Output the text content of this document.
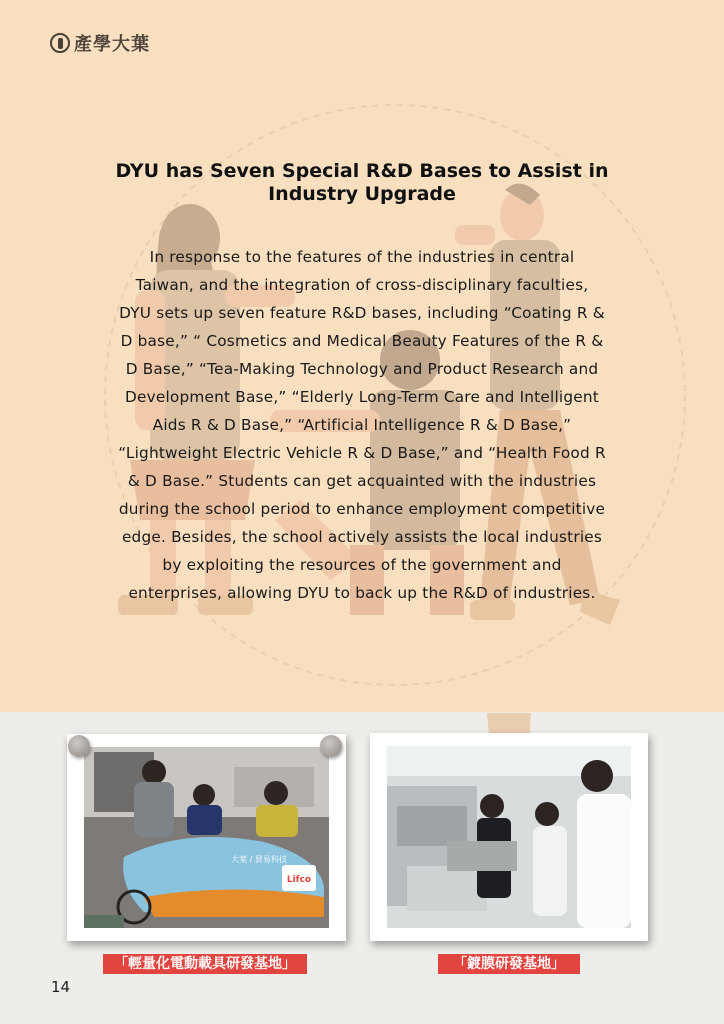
產學大葉
DYU has Seven Special R&D Bases to Assist in Industry Upgrade
In response to the features of the industries in central Taiwan, and the integration of cross-disciplinary faculties, DYU sets up seven feature R&D bases, including “Coating R & D base,” “ Cosmetics and Medical Beauty Features of the R & D Base,” “Tea-Making Technology and Product Research and Development Base,” “Elderly Long-Term Care and Intelligent Aids R & D Base,” “Artificial Intelligence R & D Base,” “Lightweight Electric Vehicle R & D Base,” and “Health Food R & D Base.” Students can get acquainted with the industries during the school period to enhance employment competitive edge. Besides, the school actively assists the local industries by exploiting the resources of the government and enterprises, allowing DYU to back up the R&D of industries.
Lifco
大葉 / 貿易科技
「輕量化電動載具研發基地」	「鍍膜研發基地」
14
